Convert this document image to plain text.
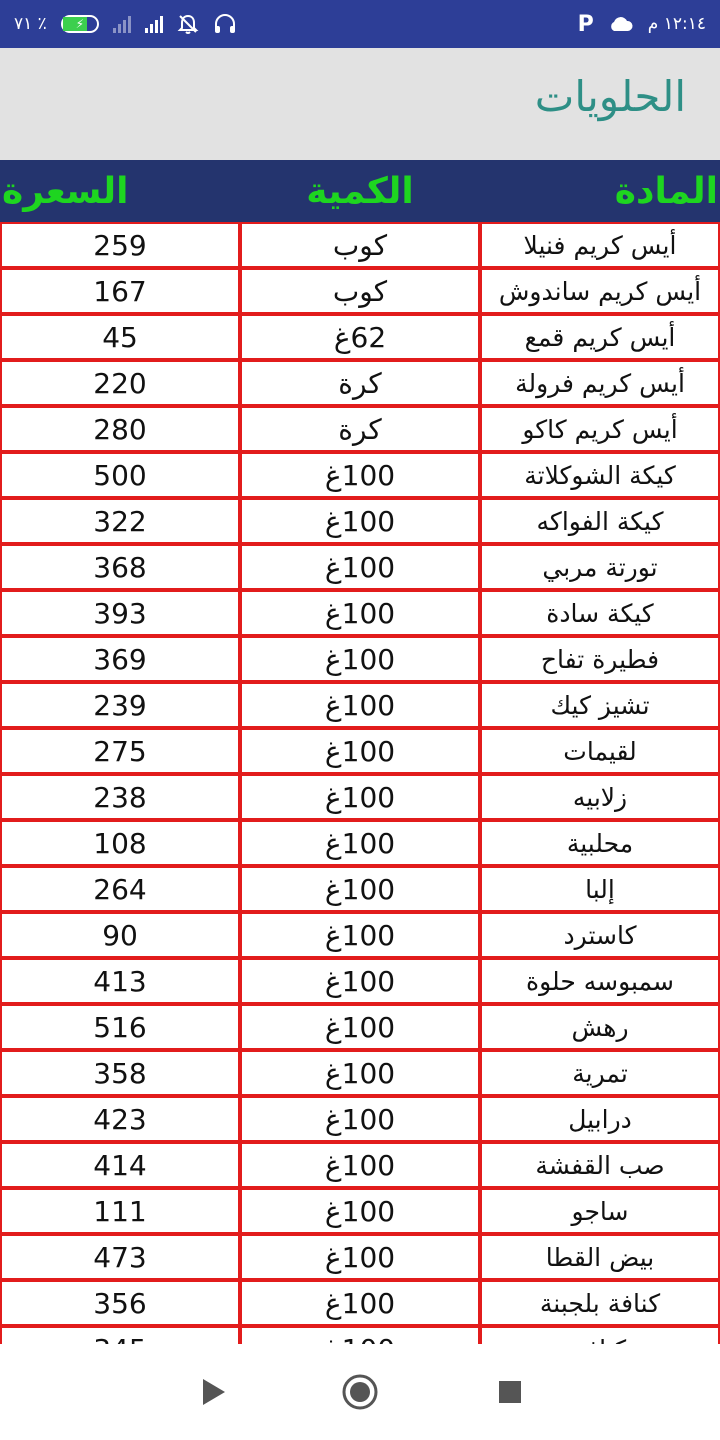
٧١ ٪ ⚡	P	١٢:١٤ م
الحلويات
المادة
الكمية
السعرة
أيس كريم فنيلا
كوب
259
أيس كريم ساندوش
كوب
167
أيس كريم قمع
62غ
45
أيس كريم فرولة
كرة
220
أيس كريم كاكو
كرة
280
كيكة الشوكلاتة
100غ
500
كيكة الفواكه
100غ
322
تورتة مربي
100غ
368
كيكة سادة
100غ
393
فطيرة تفاح
100غ
369
تشيز كيك
100غ
239
لقيمات
100غ
275
زلابيه
100غ
238
محلبية
100غ
108
إلبا
100غ
264
كاسترد
100غ
90
سمبوسه حلوة
100غ
413
رهش
100غ
516
تمرية
100غ
358
درابيل
100غ
423
صب القفشة
100غ
414
ساجو
100غ
111
بيض القطا
100غ
473
كنافة بلجبنة
100غ
356
